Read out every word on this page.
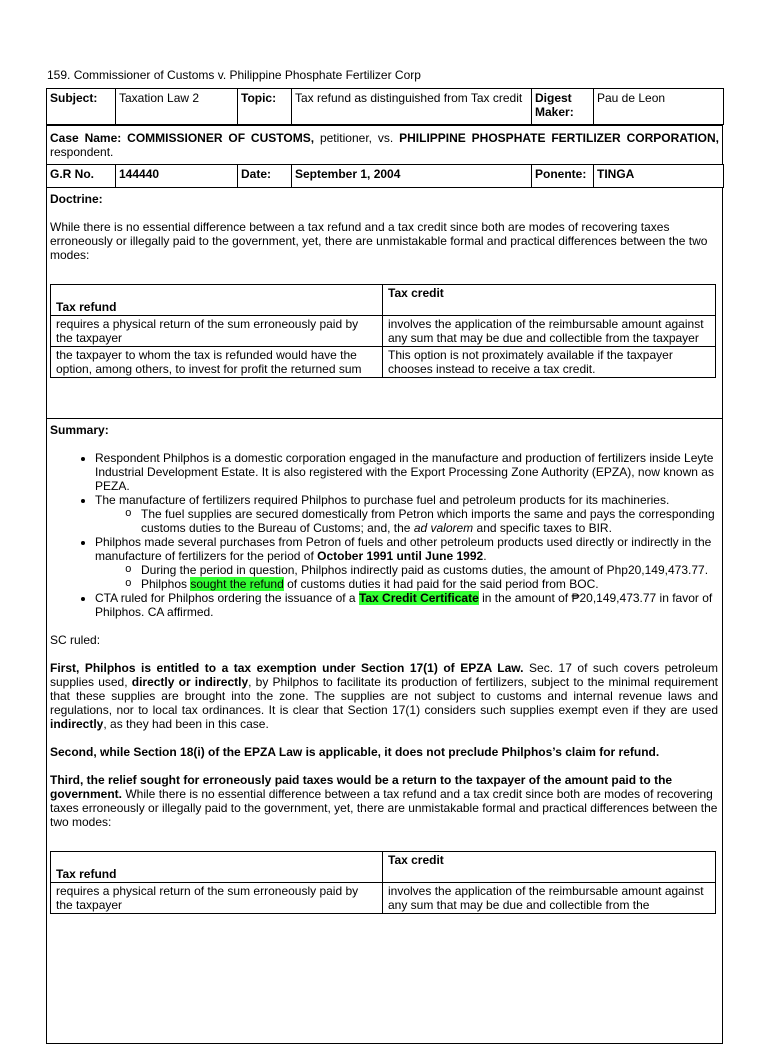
159. Commissioner of Customs v. Philippine Phosphate Fertilizer Corp
Subject:	Taxation Law 2	Topic:	Tax refund as distinguished from Tax credit	Digest Maker:	Pau de Leon
Case Name: COMMISSIONER OF CUSTOMS, petitioner, vs. PHILIPPINE PHOSPHATE FERTILIZER CORPORATION, respondent.
G.R No.	144440	Date:	September 1, 2004	Ponente:	TINGA
Doctrine:

While there is no essential difference between a tax refund and a tax credit since both are modes of recovering taxes erroneously or illegally paid to the government, yet, there are unmistakable formal and practical differences between the two modes:

Tax refund	Tax credit
requires a physical return of the sum erroneously paid by the taxpayer	involves the application of the reimbursable amount against any sum that may be due and collectible from the taxpayer
the taxpayer to whom the tax is refunded would have the option, among others, to invest for profit the returned sum	This option is not proximately available if the taxpayer chooses instead to receive a tax credit.
Summary:
• Respondent Philphos is a domestic corporation engaged in the manufacture and production of fertilizers inside Leyte Industrial Development Estate. It is also registered with the Export Processing Zone Authority (EPZA), now known as PEZA.
• The manufacture of fertilizers required Philphos to purchase fuel and petroleum products for its machineries.
o The fuel supplies are secured domestically from Petron which imports the same and pays the corresponding customs duties to the Bureau of Customs; and, the ad valorem and specific taxes to BIR.
• Philphos made several purchases from Petron of fuels and other petroleum products used directly or indirectly in the manufacture of fertilizers for the period of October 1991 until June 1992.
o During the period in question, Philphos indirectly paid as customs duties, the amount of Php20,149,473.77.
o Philphos sought the refund of customs duties it had paid for the said period from BOC.
• CTA ruled for Philphos ordering the issuance of a Tax Credit Certificate in the amount of ₱20,149,473.77 in favor of Philphos. CA affirmed.

SC ruled:

First, Philphos is entitled to a tax exemption under Section 17(1) of EPZA Law. Sec. 17 of such covers petroleum supplies used, directly or indirectly, by Philphos to facilitate its production of fertilizers, subject to the minimal requirement that these supplies are brought into the zone. The supplies are not subject to customs and internal revenue laws and regulations, nor to local tax ordinances. It is clear that Section 17(1) considers such supplies exempt even if they are used indirectly, as they had been in this case.

Second, while Section 18(i) of the EPZA Law is applicable, it does not preclude Philphos’s claim for refund.

Third, the relief sought for erroneously paid taxes would be a return to the taxpayer of the amount paid to the government. While there is no essential difference between a tax refund and a tax credit since both are modes of recovering taxes erroneously or illegally paid to the government, yet, there are unmistakable formal and practical differences between the two modes:

Tax refund	Tax credit
requires a physical return of the sum erroneously paid by the taxpayer	involves the application of the reimbursable amount against any sum that may be due and collectible from the
